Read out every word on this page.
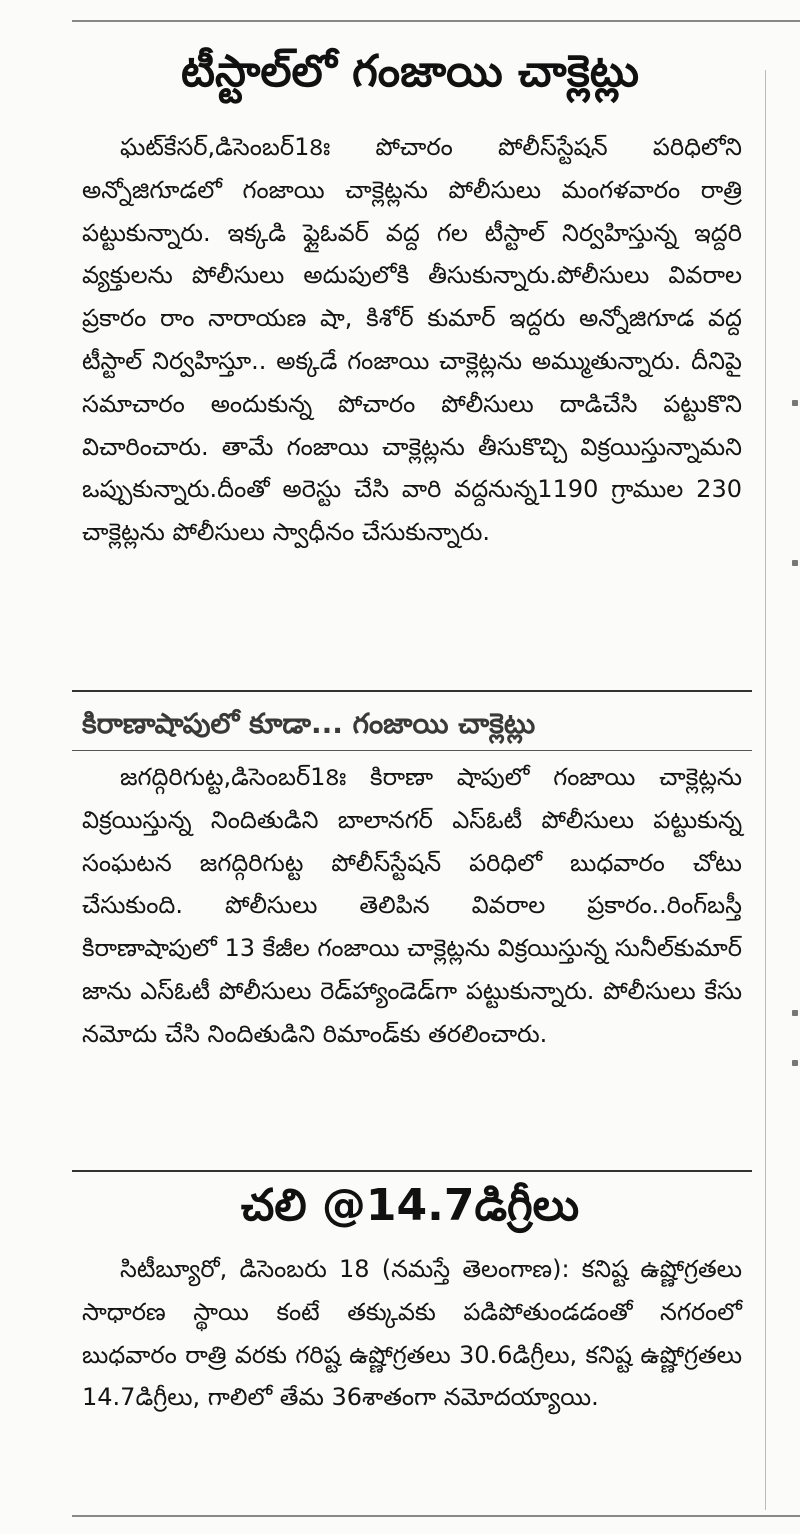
టీస్టాల్‌లో గంజాయి చాక్లెట్లు

ఘట్‌కేసర్,డిసెంబర్18ః పోచారం పోలీస్‌స్టేషన్ పరిధిలోని అన్నోజిగూడలో గంజాయి చాక్లెట్లను పోలీసులు మంగళవారం రాత్రి పట్టుకున్నారు. ఇక్కడి ఫ్లైఓవర్ వద్ద గల టీస్టాల్ నిర్వహిస్తున్న ఇద్దరి వ్యక్తులను పోలీసులు అదుపులోకి తీసుకున్నారు.పోలీసులు వివరాల ప్రకారం రాం నారాయణ షా, కిశోర్ కుమార్ ఇద్దరు అన్నోజిగూడ వద్ద టీస్టాల్ నిర్వహిస్తూ.. అక్కడే గంజాయి చాక్లెట్లను అమ్ముతున్నారు. దీనిపై సమాచారం అందుకున్న పోచారం పోలీసులు దాడిచేసి పట్టుకొని విచారించారు. తామే గంజాయి చాక్లెట్లను తీసుకొచ్చి విక్రయిస్తున్నామని ఒప్పుకున్నారు.దీంతో అరెస్టు చేసి వారి వద్దనున్న1190 గ్రాముల 230 చాక్లెట్లను పోలీసులు స్వాధీనం చేసుకున్నారు.

కిరాణాషాపులో కూడా... గంజాయి చాక్లెట్లు

జగద్గిరిగుట్ట,డిసెంబర్18ః కిరాణా షాపులో గంజాయి చాక్లెట్లను విక్రయిస్తున్న నిందితుడిని బాలానగర్ ఎస్ఓటీ పోలీసులు పట్టుకున్న సంఘటన జగద్గిరిగుట్ట పోలీస్‌స్టేషన్ పరిధిలో బుధవారం చోటు చేసుకుంది. పోలీసులు తెలిపిన వివరాల ప్రకారం..రింగ్‌బస్తీ కిరాణాషాపులో 13 కేజీల గంజాయి చాక్లెట్లను విక్రయిస్తున్న సునీల్‌కుమార్ జాను ఎస్ఓటీ పోలీసులు రెడ్‌హ్యాండెడ్‌గా పట్టుకున్నారు. పోలీసులు కేసు నమోదు చేసి నిందితుడిని రిమాండ్‌కు తరలించారు.

చలి @14.7డిగ్రీలు

సిటీబ్యూరో, డిసెంబరు 18 (నమస్తే తెలంగాణ): కనిష్ట ఉష్ణోగ్రతలు సాధారణ స్థాయి కంటే తక్కువకు పడిపోతుండడంతో నగరంలో బుధవారం రాత్రి వరకు గరిష్ట ఉష్ణోగ్రతలు 30.6డిగ్రీలు, కనిష్ట ఉష్ణోగ్రతలు 14.7డిగ్రీలు, గాలిలో తేమ 36శాతంగా నమోదయ్యాయి.
